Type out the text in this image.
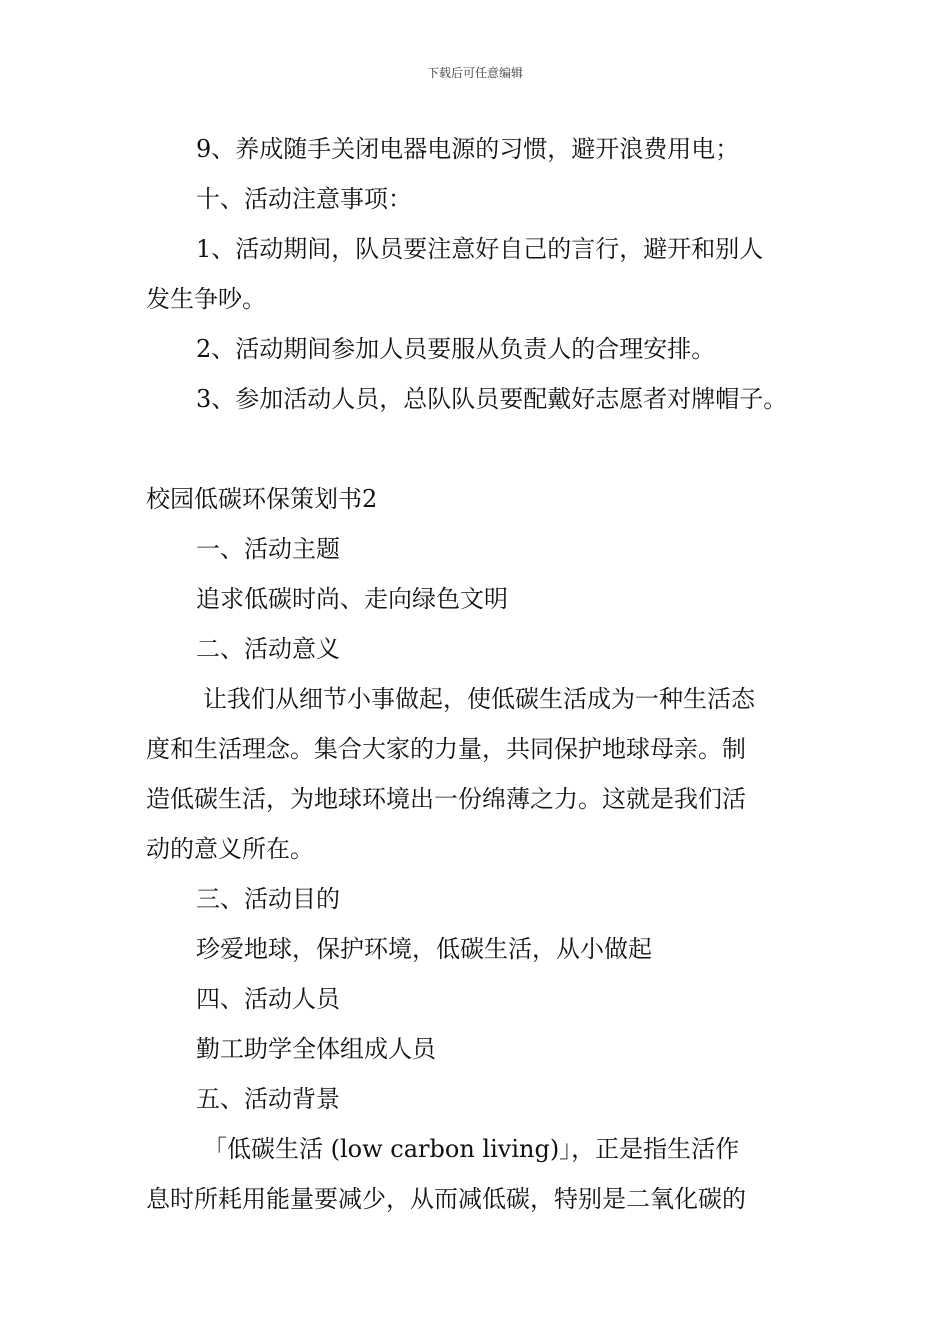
下载后可任意编辑
9、养成随手关闭电器电源的习惯，避开浪费用电；
十、活动注意事项：
1、活动期间，队员要注意好自己的言行，避开和别人
发生争吵。
2、活动期间参加人员要服从负责人的合理安排。
3、参加活动人员，总队队员要配戴好志愿者对牌帽子。
校园低碳环保策划书2
一、活动主题
追求低碳时尚、走向绿色文明
二、活动意义
让我们从细节小事做起，使低碳生活成为一种生活态
度和生活理念。集合大家的力量，共同保护地球母亲。制
造低碳生活，为地球环境出一份绵薄之力。这就是我们活
动的意义所在。
三、活动目的
珍爱地球，保护环境，低碳生活，从小做起
四、活动人员
勤工助学全体组成人员
五、活动背景
「低碳生活 (low carbon living)」，正是指生活作
息时所耗用能量要减少，从而减低碳，特别是二氧化碳的
